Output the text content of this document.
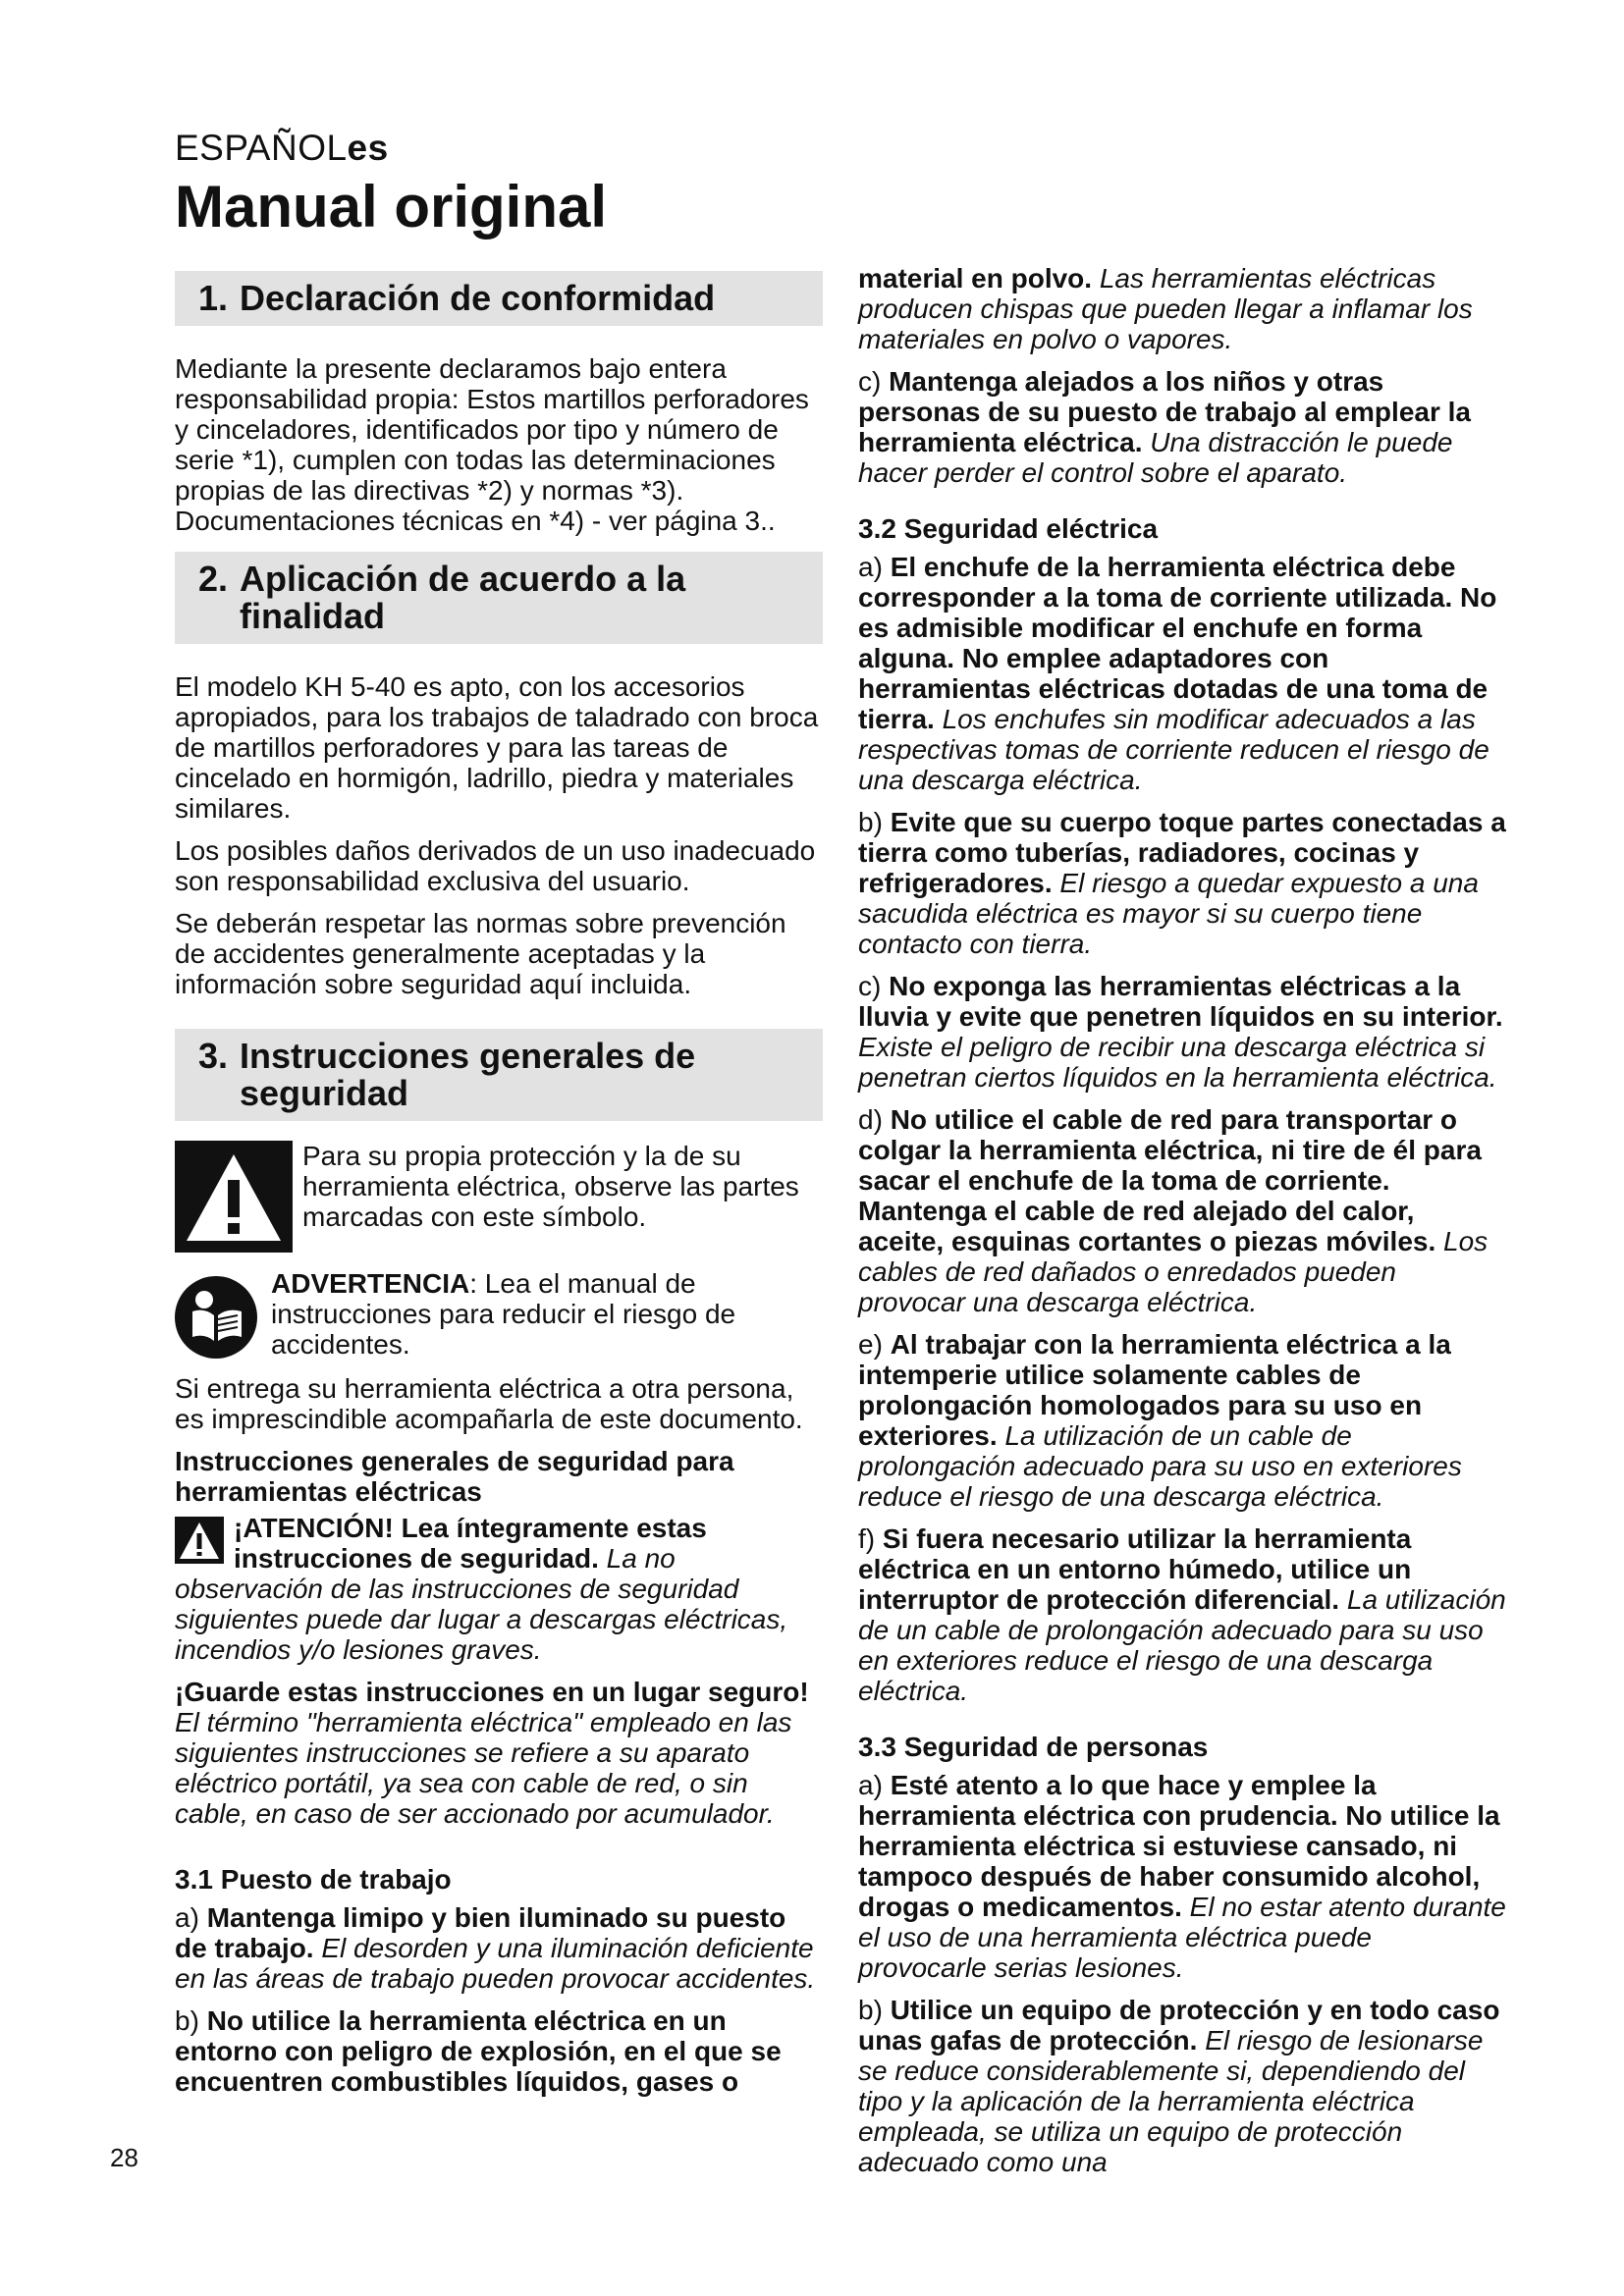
ESPAÑOLes
Manual original
1. Declaración de conformidad

Mediante la presente declaramos bajo entera responsabilidad propia: Estos martillos perforadores y cinceladores, identificados por tipo y número de serie *1), cumplen con todas las determinaciones propias de las directivas *2) y normas *3). Documentaciones técnicas en *4) - ver página 3..

2. Aplicación de acuerdo a la
finalidad

El modelo KH 5-40 es apto, con los accesorios apropiados, para los trabajos de taladrado con broca de martillos perforadores y para las tareas de cincelado en hormigón, ladrillo, piedra y materiales similares.

Los posibles daños derivados de un uso inadecuado son responsabilidad exclusiva del usuario.

Se deberán respetar las normas sobre prevención de accidentes generalmente aceptadas y la información sobre seguridad aquí incluida.

3. Instrucciones generales de
seguridad
Para su propia protección y la de su herramienta eléctrica, observe las partes marcadas con este símbolo.
ADVERTENCIA: Lea el manual de instrucciones para reducir el riesgo de accidentes.

Si entrega su herramienta eléctrica a otra persona, es imprescindible acompañarla de este documento.

Instrucciones generales de seguridad para herramientas eléctricas

¡ATENCIÓN! Lea íntegramente estas instrucciones de seguridad. La no observación de las instrucciones de seguridad siguientes puede dar lugar a descargas eléctricas, incendios y/o lesiones graves.

¡Guarde estas instrucciones en un lugar seguro! El término "herramienta eléctrica" empleado en las siguientes instrucciones se refiere a su aparato eléctrico portátil, ya sea con cable de red, o sin cable, en caso de ser accionado por acumulador.

3.1 Puesto de trabajo

a) Mantenga limipo y bien iluminado su puesto de trabajo. El desorden y una iluminación deficiente en las áreas de trabajo pueden provocar accidentes.

b) No utilice la herramienta eléctrica en un entorno con peligro de explosión, en el que se encuentren combustibles líquidos, gases o

material en polvo. Las herramientas eléctricas producen chispas que pueden llegar a inflamar los materiales en polvo o vapores.

c) Mantenga alejados a los niños y otras personas de su puesto de trabajo al emplear la herramienta eléctrica. Una distracción le puede hacer perder el control sobre el aparato.

3.2 Seguridad eléctrica

a) El enchufe de la herramienta eléctrica debe corresponder a la toma de corriente utilizada. No es admisible modificar el enchufe en forma alguna. No emplee adaptadores con herramientas eléctricas dotadas de una toma de tierra. Los enchufes sin modificar adecuados a las respectivas tomas de corriente reducen el riesgo de una descarga eléctrica.

b) Evite que su cuerpo toque partes conectadas a tierra como tuberías, radiadores, cocinas y refrigeradores. El riesgo a quedar expuesto a una sacudida eléctrica es mayor si su cuerpo tiene contacto con tierra.

c) No exponga las herramientas eléctricas a la lluvia y evite que penetren líquidos en su interior. Existe el peligro de recibir una descarga eléctrica si penetran ciertos líquidos en la herramienta eléctrica.

d) No utilice el cable de red para transportar o colgar la herramienta eléctrica, ni tire de él para sacar el enchufe de la toma de corriente. Mantenga el cable de red alejado del calor, aceite, esquinas cortantes o piezas móviles. Los cables de red dañados o enredados pueden provocar una descarga eléctrica.

e) Al trabajar con la herramienta eléctrica a la intemperie utilice solamente cables de prolongación homologados para su uso en exteriores. La utilización de un cable de prolongación adecuado para su uso en exteriores reduce el riesgo de una descarga eléctrica.

f) Si fuera necesario utilizar la herramienta eléctrica en un entorno húmedo, utilice un interruptor de protección diferencial. La utilización de un cable de prolongación adecuado para su uso en exteriores reduce el riesgo de una descarga eléctrica.

3.3 Seguridad de personas

a) Esté atento a lo que hace y emplee la herramienta eléctrica con prudencia. No utilice la herramienta eléctrica si estuviese cansado, ni tampoco después de haber consumido alcohol, drogas o medicamentos. El no estar atento durante el uso de una herramienta eléctrica puede provocarle serias lesiones.

b) Utilice un equipo de protección y en todo caso unas gafas de protección. El riesgo de lesionarse se reduce considerablemente si, dependiendo del tipo y la aplicación de la herramienta eléctrica empleada, se utiliza un equipo de protección adecuado como una

28
